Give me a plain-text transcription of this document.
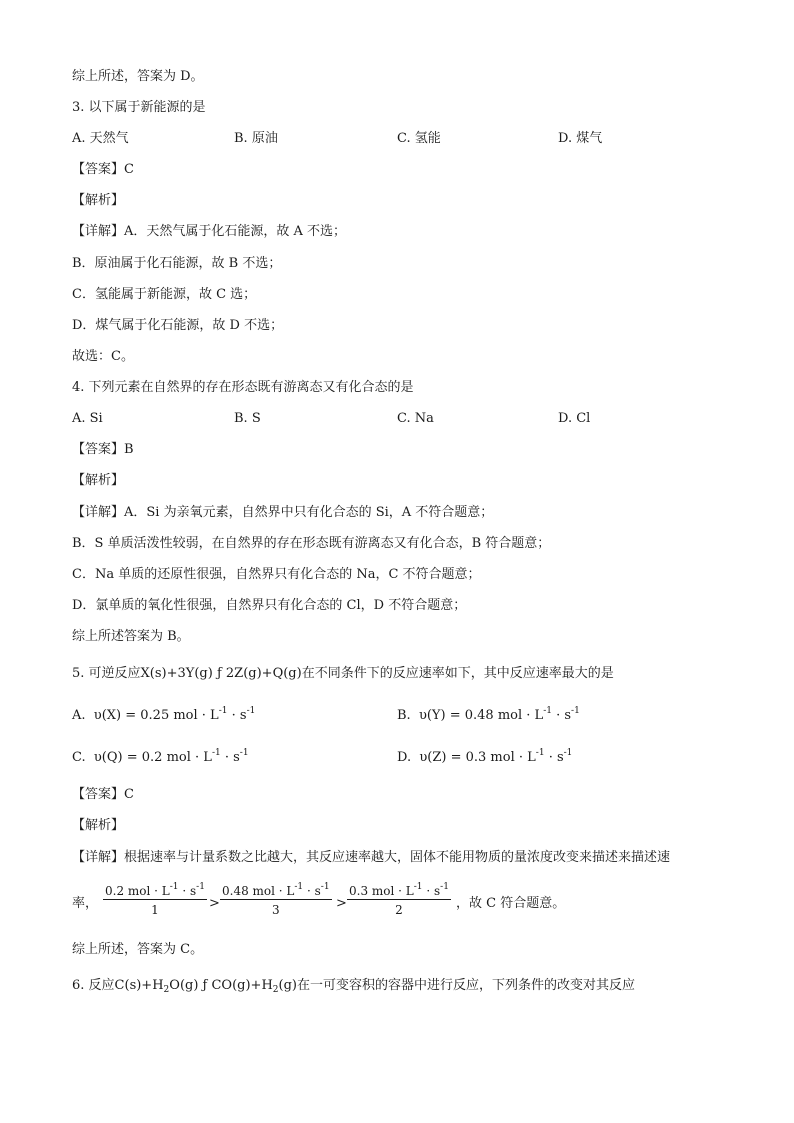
综上所述，答案为 D。
3. 以下属于新能源的是
A. 天然气	B. 原油	C. 氢能	D. 煤气
【答案】C
【解析】
【详解】A．天然气属于化石能源，故 A 不选；
B．原油属于化石能源，故 B 不选；
C．氢能属于新能源，故 C 选；
D．煤气属于化石能源，故 D 不选；
故选：C。
4. 下列元素在自然界的存在形态既有游离态又有化合态的是
A. Si	B. S	C. Na	D. Cl
【答案】B
【解析】
【详解】A．Si 为亲氧元素，自然界中只有化合态的 Si，A 不符合题意；
B．S 单质活泼性较弱，在自然界的存在形态既有游离态又有化合态，B 符合题意；
C．Na 单质的还原性很强，自然界只有化合态的 Na，C 不符合题意；
D．氯单质的氧化性很强，自然界只有化合态的 Cl，D 不符合题意；
综上所述答案为 B。
5. 可逆反应X(s)+3Y(g) ƒ 2Z(g)+Q(g)在不同条件下的反应速率如下，其中反应速率最大的是
A. υ(X) = 0.25 mol · $L^{-1} \cdot s^{-1}$	B. υ(Y) = 0.48 mol · $L^{-1} \cdot s^{-1}$
C. υ(Q) = 0.2 mol · $L^{-1} \cdot s^{-1}$	D. υ(Z) = 0.3 mol · $L^{-1} \cdot s^{-1}$
【答案】C
【解析】
【详解】根据速率与计量系数之比越大，其反应速率越大，固体不能用物质的量浓度改变来描述来描述速
率，
0.2 mol · $L^{-1} \cdot s^{-1}$
1	>
0.48 mol · $L^{-1} \cdot s^{-1}$
3	>
0.3 mol · $L^{-1} \cdot s^{-1}$
2	，故 C 符合题意。
综上所述，答案为 C。
6. 反应$C(s)+H_2O(g)$ ƒ $CO(g)+H_2(g)$在一可变容积的容器中进行反应，下列条件的改变对其反应
